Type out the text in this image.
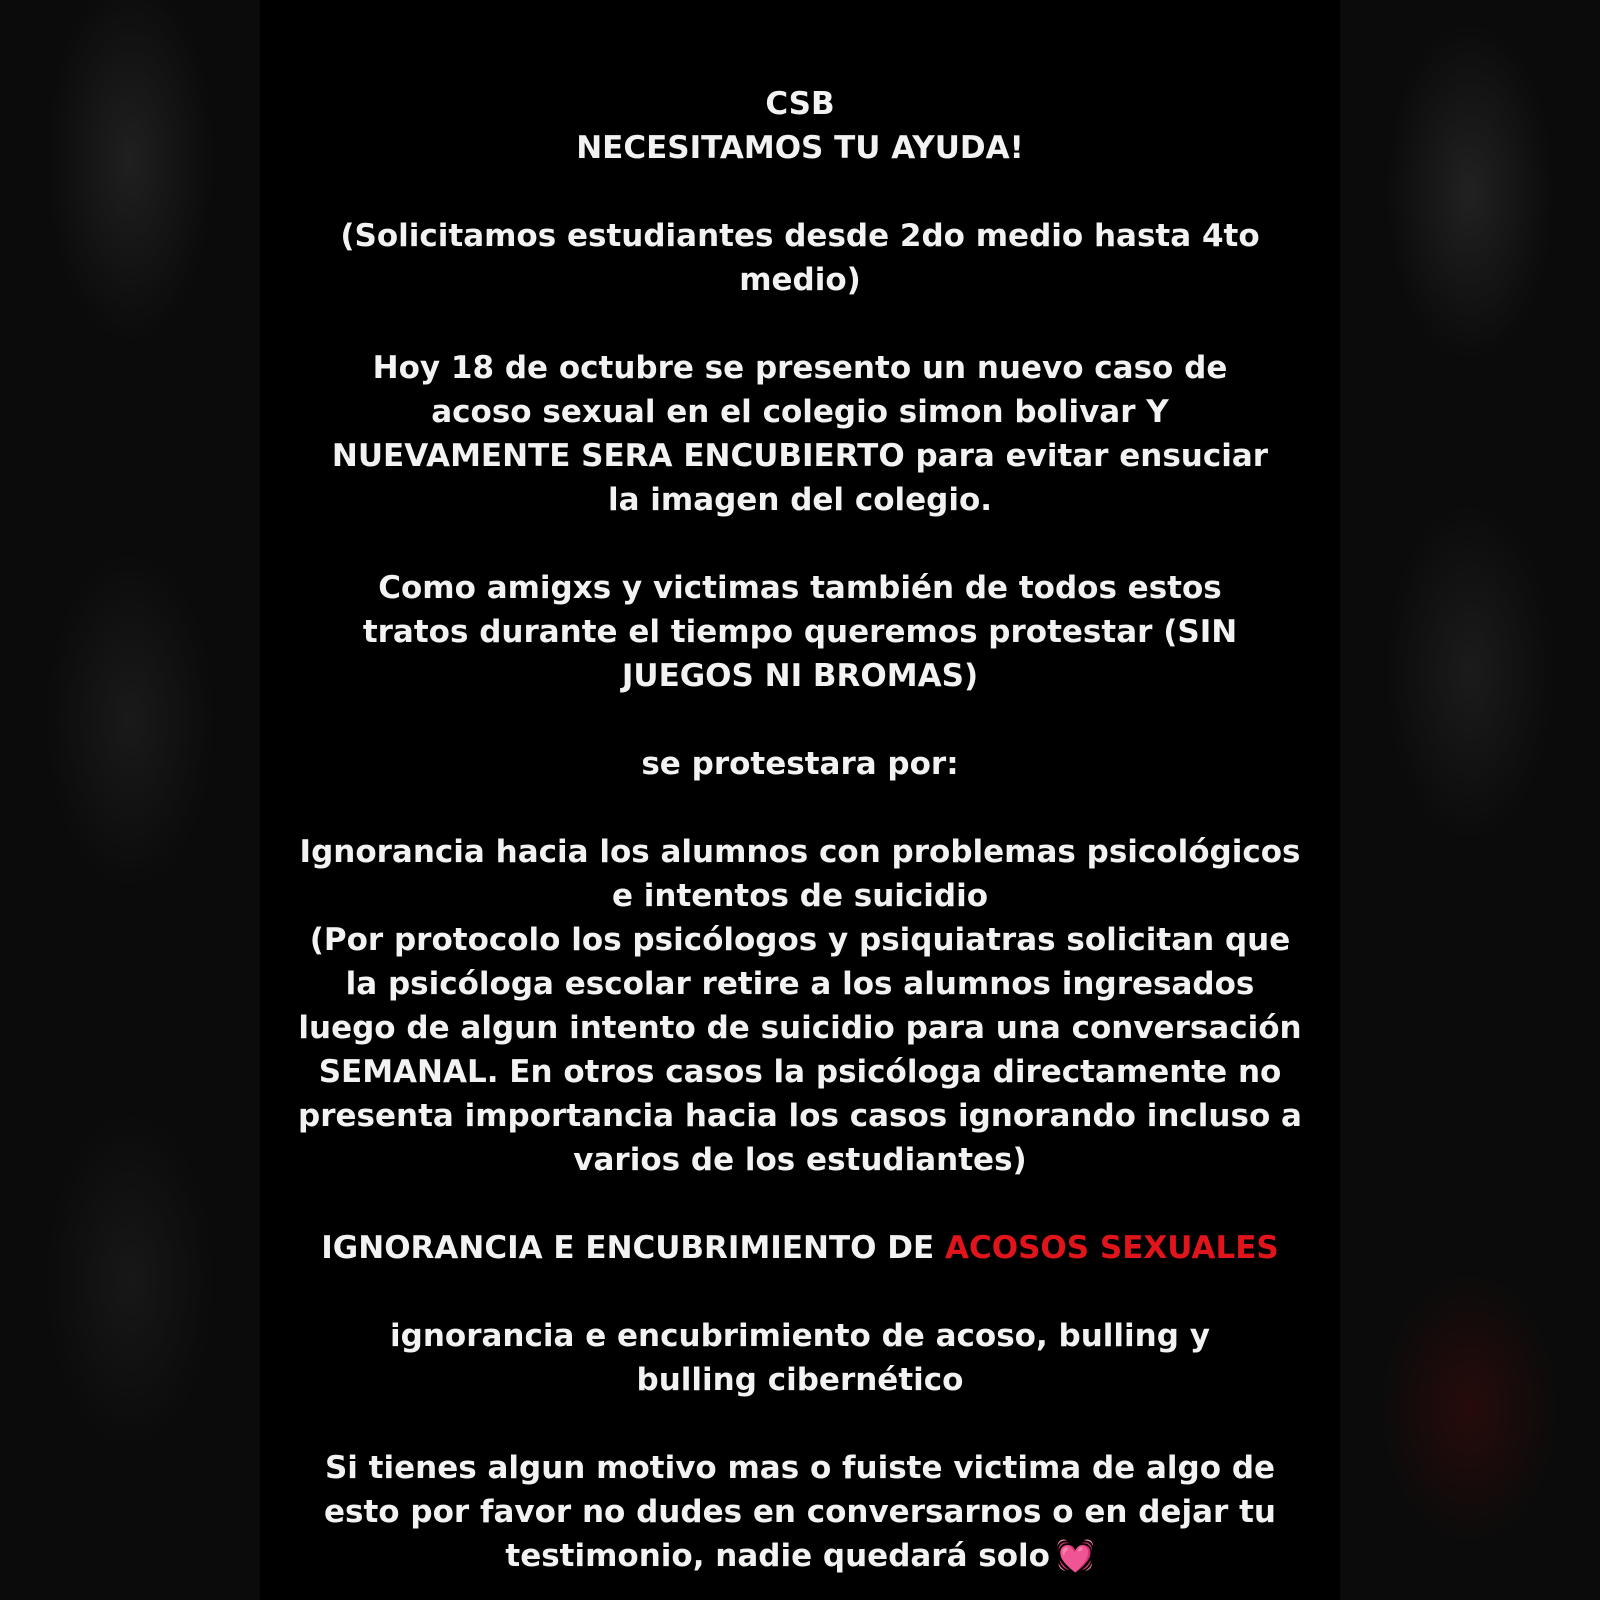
CSB
NECESITAMOS TU AYUDA!
(Solicitamos estudiantes desde 2do medio hasta 4to medio)
Hoy 18 de octubre se presento un nuevo caso de acoso sexual en el colegio simon bolivar Y NUEVAMENTE SERA ENCUBIERTO para evitar ensuciar la imagen del colegio.
Como amigxs y victimas también de todos estos tratos durante el tiempo queremos protestar (SIN JUEGOS NI BROMAS)
se protestara por:
Ignorancia hacia los alumnos con problemas psicológicos e intentos de suicidio
(Por protocolo los psicólogos y psiquiatras solicitan que la psicóloga escolar retire a los alumnos ingresados luego de algun intento de suicidio para una conversación SEMANAL. En otros casos la psicóloga directamente no presenta importancia hacia los casos ignorando incluso a varios de los estudiantes)
IGNORANCIA E ENCUBRIMIENTO DE ACOSOS SEXUALES
ignorancia e encubrimiento de acoso, bulling y bulling cibernético
Si tienes algun motivo mas o fuiste victima de algo de esto por favor no dudes en conversarnos o en dejar tu testimonio, nadie quedará solo 💓
